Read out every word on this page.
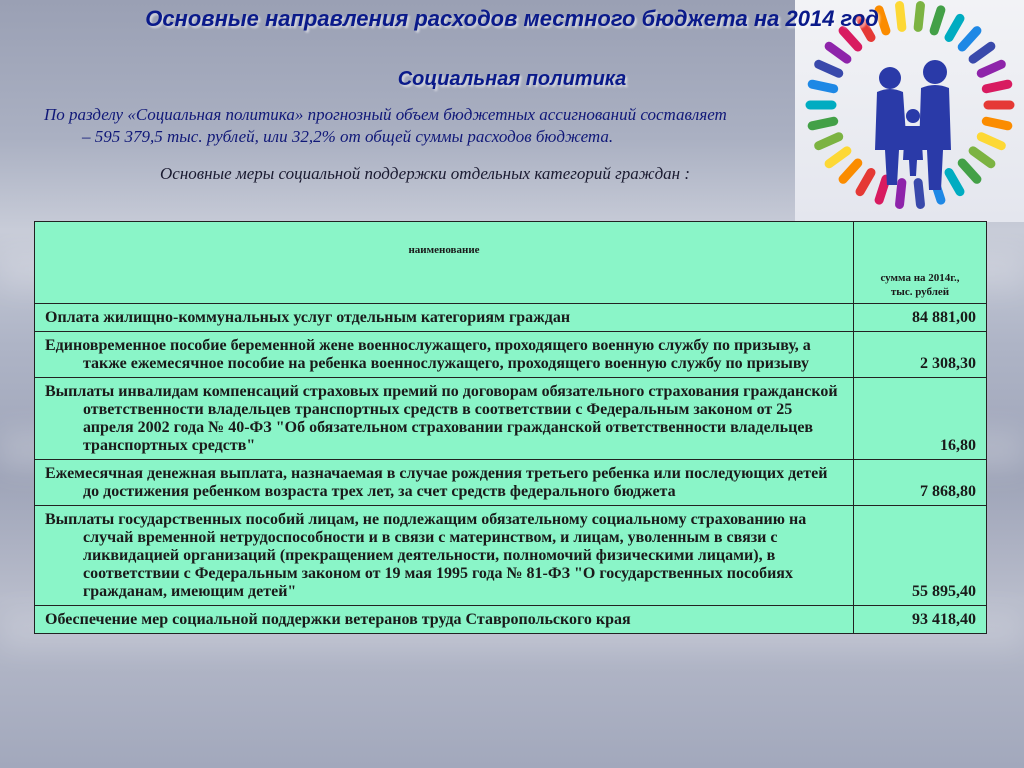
Основные направления расходов местного бюджета на 2014 год
Социальная политика
По разделу «Социальная политика» прогнозный объем бюджетных ассигнований составляет
– 595 379,5 тыс. рублей, или 32,2% от общей суммы расходов бюджета.
Основные меры социальной поддержки отдельных категорий граждан :
наименование	сумма на 2014г.,
тыс. рублей

Оплата жилищно-коммунальных услуг отдельным категориям граждан	84 881,00

Единовременное пособие беременной жене военнослужащего, проходящего военную службу по призыву, а также ежемесячное пособие на ребенка военнослужащего, проходящего военную службу по призыву	2 308,30

Выплаты инвалидам компенсаций страховых премий по договорам обязательного страхования гражданской ответственности владельцев транспортных средств в соответствии с Федеральным законом от 25 апреля 2002 года № 40-ФЗ "Об обязательном страховании гражданской ответственности владельцев транспортных средств"	16,80

Ежемесячная денежная выплата, назначаемая в случае рождения третьего ребенка или последующих детей до достижения ребенком возраста трех лет, за счет средств федерального бюджета	7 868,80

Выплаты государственных пособий лицам, не подлежащим обязательному социальному страхованию на случай временной нетрудоспособности и в связи с материнством, и лицам, уволенным в связи с ликвидацией организаций (прекращением деятельности, полномочий физическими лицами), в соответствии с Федеральным законом от 19 мая 1995 года № 81-ФЗ "О государственных пособиях гражданам, имеющим детей"	55 895,40

Обеспечение мер социальной поддержки ветеранов труда Ставропольского края	93 418,40
